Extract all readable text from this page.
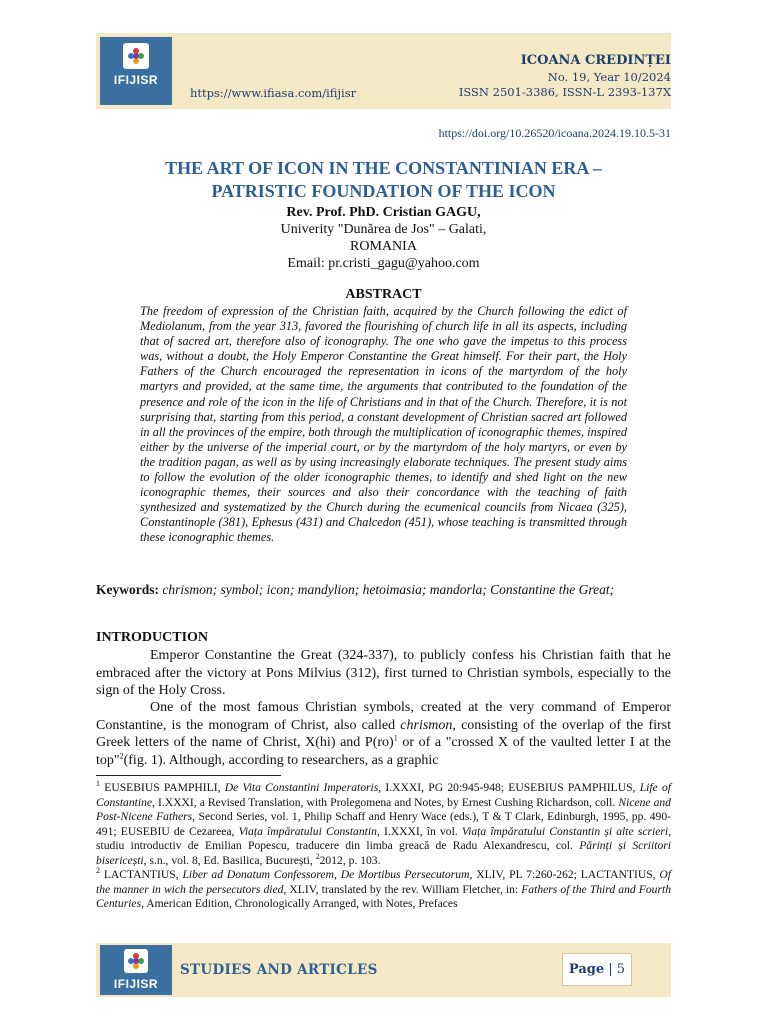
IFIJISR
https://www.ifiasa.com/ifijisr
ICOANA CREDINȚEI
No. 19, Year 10/2024
ISSN 2501-3386, ISSN-L 2393-137X
https://doi.org/10.26520/icoana.2024.19.10.5-31
THE ART OF ICON IN THE CONSTANTINIAN ERA –
PATRISTIC FOUNDATION OF THE ICON
Rev. Prof. PhD. Cristian GAGU,
Univerity "Dunărea de Jos" – Galati,
ROMANIA
Email: pr.cristi_gagu@yahoo.com
ABSTRACT
The freedom of expression of the Christian faith, acquired by the Church following the edict of Mediolanum, from the year 313, favored the flourishing of church life in all its aspects, including that of sacred art, therefore also of iconography. The one who gave the impetus to this process was, without a doubt, the Holy Emperor Constantine the Great himself. For their part, the Holy Fathers of the Church encouraged the representation in icons of the martyrdom of the holy martyrs and provided, at the same time, the arguments that contributed to the foundation of the presence and role of the icon in the life of Christians and in that of the Church. Therefore, it is not surprising that, starting from this period, a constant development of Christian sacred art followed in all the provinces of the empire, both through the multiplication of iconographic themes, inspired either by the universe of the imperial court, or by the martyrdom of the holy martyrs, or even by the tradition pagan, as well as by using increasingly elaborate techniques. The present study aims to follow the evolution of the older iconographic themes, to identify and shed light on the new iconographic themes, their sources and also their concordance with the teaching of faith synthesized and systematized by the Church during the ecumenical councils from Nicaea (325), Constantinople (381), Ephesus (431) and Chalcedon (451), whose teaching is transmitted through these iconographic themes.
Keywords: chrismon; symbol; icon; mandylion; hetoimasia; mandorla; Constantine the Great;
INTRODUCTION
Emperor Constantine the Great (324-337), to publicly confess his Christian faith that he embraced after the victory at Pons Milvius (312), first turned to Christian symbols, especially to the sign of the Holy Cross.
One of the most famous Christian symbols, created at the very command of Emperor Constantine, is the monogram of Christ, also called chrismon, consisting of the overlap of the first Greek letters of the name of Christ, X(hi) and P(ro)$^1$ or of a "crossed X of the vaulted letter I at the top"$^2$(fig. 1). Although, according to researchers, as a graphic

$^1$ EUSEBIUS PAMPHILI, De Vita Constantini Imperatoris, I.XXXI, PG 20:945-948; EUSEBIUS PAMPHILUS, Life of Constantine, I.XXXI, a Revised Translation, with Prolegomena and Notes, by Ernest Cushing Richardson, coll. Nicene and Post-Nicene Fathers, Second Series, vol. 1, Philip Schaff and Henry Wace (eds.), T & T Clark, Edinburgh, 1995, pp. 490-491; EUSEBIU de Cezareea, Viața împăratului Constantin, I.XXXI, în vol. Viața împăratului Constantin și alte scrieri, studiu introductiv de Emilian Popescu, traducere din limba greacă de Radu Alexandrescu, col. Părinți și Scriitori bisericești, s.n., vol. 8, Ed. Basilica, București, $^2$2012, p. 103.

$^2$ LACTANTIUS, Liber ad Donatum Confessorem, De Mortibus Persecutorum, XLIV, PL 7:260-262; LACTANTIUS, Of the manner in wich the persecutors died, XLIV, translated by the rev. William Fletcher, in: Fathers of the Third and Fourth Centuries, American Edition, Chronologically Arranged, with Notes, Prefaces

IFIJISR
STUDIES AND ARTICLES	Page | 5
